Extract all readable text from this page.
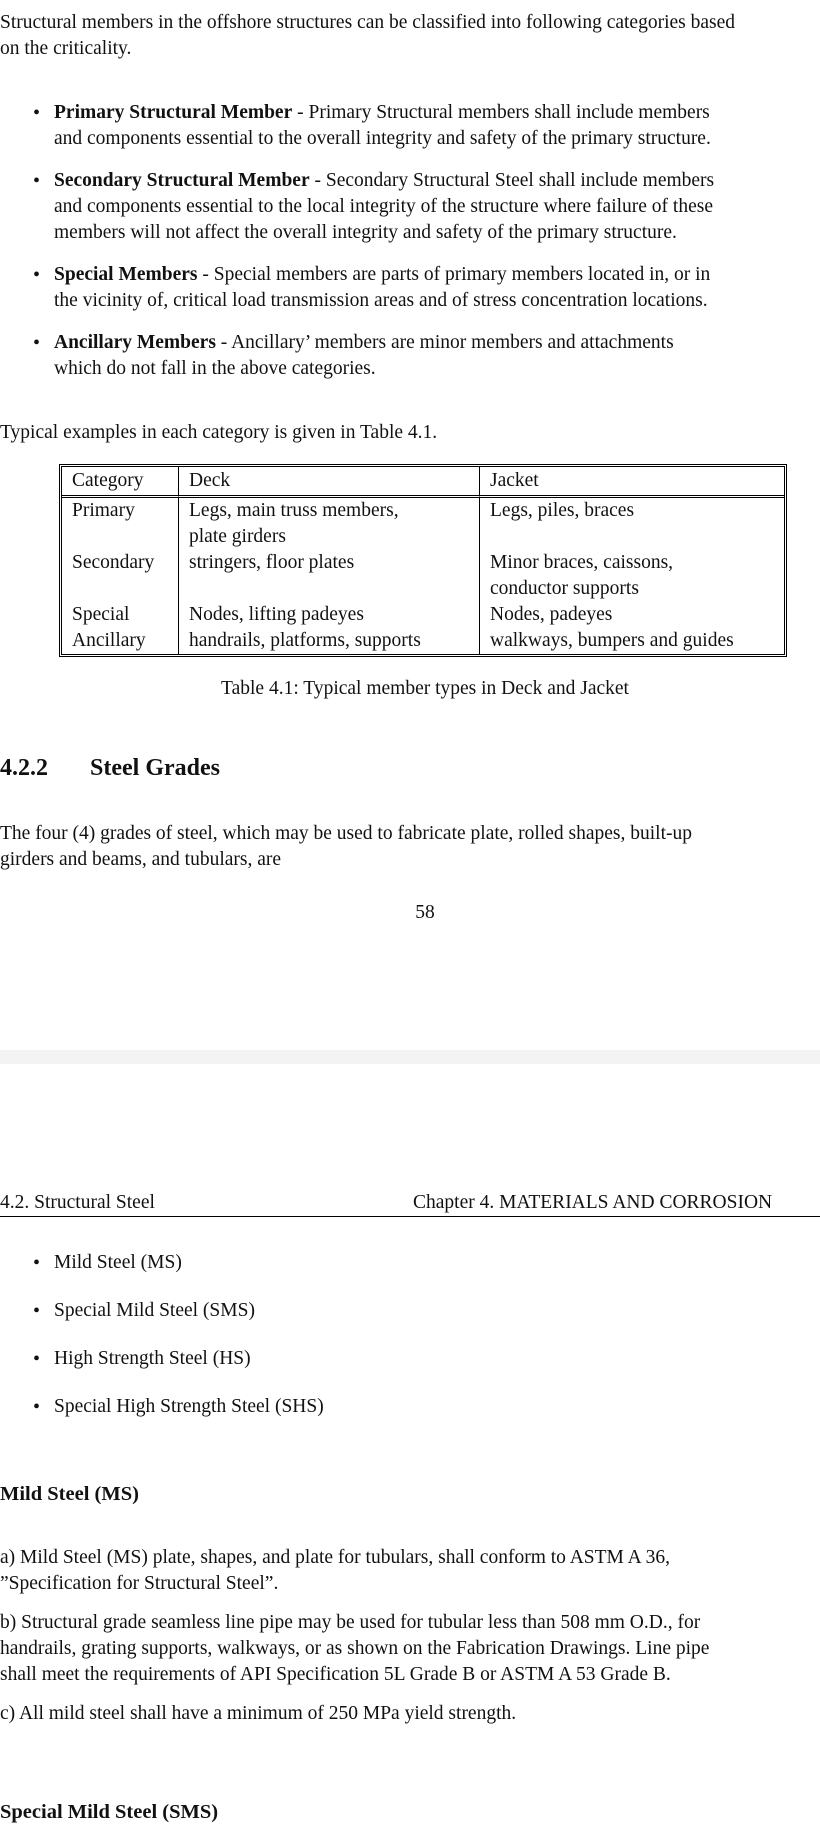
Structural members in the offshore structures can be classified into following categories based
on the criticality.
• Primary Structural Member - Primary Structural members shall include members
and components essential to the overall integrity and safety of the primary structure.
• Secondary Structural Member - Secondary Structural Steel shall include members
and components essential to the local integrity of the structure where failure of these
members will not affect the overall integrity and safety of the primary structure.
• Special Members - Special members are parts of primary members located in, or in
the vicinity of, critical load transmission areas and of stress concentration locations.
• Ancillary Members - Ancillary’ members are minor members and attachments
which do not fall in the above categories.
Typical examples in each category is given in Table 4.1.
Category	Deck	Jacket
Primary	Legs, main truss members,	Legs, piles, braces
	plate girders	
Secondary	stringers, floor plates	Minor braces, caissons,
		conductor supports
Special	Nodes, lifting padeyes	Nodes, padeyes
Ancillary	handrails, platforms, supports	walkways, bumpers and guides
Table 4.1: Typical member types in Deck and Jacket
4.2.2 Steel Grades
The four (4) grades of steel, which may be used to fabricate plate, rolled shapes, built-up
girders and beams, and tubulars, are
58
4.2. Structural Steel	Chapter 4. MATERIALS AND CORROSION
• Mild Steel (MS)
• Special Mild Steel (SMS)
• High Strength Steel (HS)
• Special High Strength Steel (SHS)
Mild Steel (MS)
a) Mild Steel (MS) plate, shapes, and plate for tubulars, shall conform to ASTM A 36,
”Specification for Structural Steel”.
b) Structural grade seamless line pipe may be used for tubular less than 508 mm O.D., for
handrails, grating supports, walkways, or as shown on the Fabrication Drawings. Line pipe
shall meet the requirements of API Specification 5L Grade B or ASTM A 53 Grade B.
c) All mild steel shall have a minimum of 250 MPa yield strength.
Special Mild Steel (SMS)
